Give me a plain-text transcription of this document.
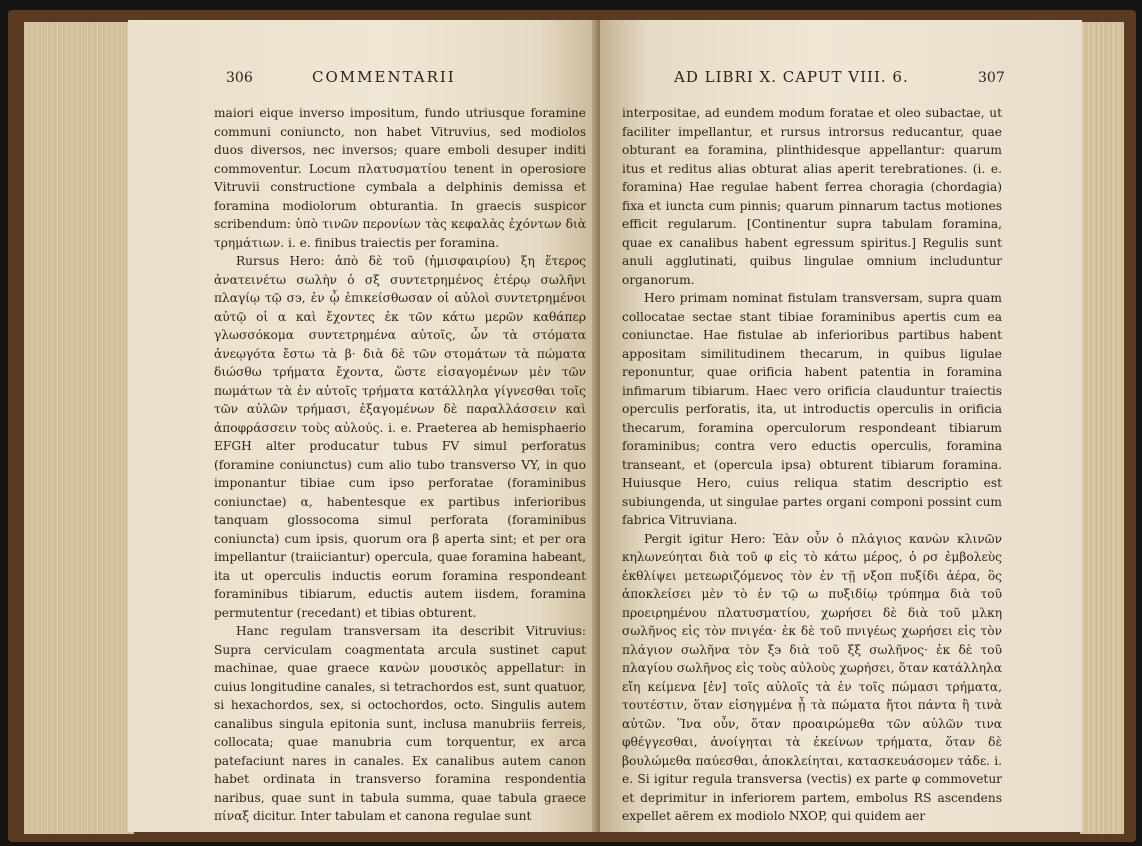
306	COMMENTARII

maiori eique inverso impositum, fundo utriusque foramine communi coniuncto, non habet Vitruvius, sed modiolos duos diversos, nec inversos; quare emboli desuper inditi commoventur. Locum πλατυσματίου tenent in operosiore Vitruvii constructione cymbala a delphinis demissa et foramina modiolorum obturantia. In graecis suspicor scribendum: ὑπὸ τινῶν περονίων τὰς κεφαλὰς ἐχόντων διὰ τρημάτιων. i. e. finibus traiectis per foramina.

Rursus Hero: ἀπὸ δὲ τοῦ (ἡμισφαιρίου) ξη ἕτερος ἀνατεινέτω σωλὴν ὁ σξ συντετρημένος ἑτέρῳ σωλῆνι πλαγίῳ τῷ σ϶, ἐν ᾧ ἐπικείσθωσαν οἱ αὐλοὶ συντετρημένοι αὐτῷ οἱ α καὶ ἔχοντες ἐκ τῶν κάτω μερῶν καθάπερ γλωσσόκομα συντετρημένα αὐτοῖς, ὧν τὰ στόματα ἀνεῳγότα ἔστω τὰ β· διὰ δὲ τῶν στομάτων τὰ πώματα διώσθω τρήματα ἔχοντα, ὥστε εἰσαγομένων μὲν τῶν πωμάτων τὰ ἐν αὐτοῖς τρήματα κατάλληλα γίγνεσθαι τοῖς τῶν αὐλῶν τρήμασι, ἐξαγομένων δὲ παραλλάσσειν καὶ ἀποφράσσειν τοὺς αὐλούς. i. e. Praeterea ab hemisphaerio EFGH alter producatur tubus FV simul perforatus (foramine coniunctus) cum alio tubo transverso VY, in quo imponantur tibiae cum ipso perforatae (foraminibus coniunctae) α, habentesque ex partibus inferioribus tanquam glossocoma simul perforata (foraminibus coniuncta) cum ipsis, quorum ora β aperta sint; et per ora impellantur (traiiciantur) opercula, quae foramina habeant, ita ut operculis inductis eorum foramina respondeant foraminibus tibiarum, eductis autem iisdem, foramina permutentur (recedant) et tibias obturent.

Hanc regulam transversam ita describit Vitruvius: Supra cerviculam coagmentata arcula sustinet caput machinae, quae graece κανὼν μουσικὸς appellatur: in cuius longitudine canales, si tetrachordos est, sunt quatuor, si hexachordos, sex, si octochordos, octo. Singulis autem canalibus singula epitonia sunt, inclusa manubriis ferreis, collocata; quae manubria cum torquentur, ex arca patefaciunt nares in canales. Ex canalibus autem canon habet ordinata in transverso foramina respondentia naribus, quae sunt in tabula summa, quae tabula graece πίναξ dicitur. Inter tabulam et canona regulae sunt

AD LIBRI X. CAPUT VIII. 6.	307

interpositae, ad eundem modum foratae et oleo subactae, ut faciliter impellantur, et rursus introrsus reducantur, quae obturant ea foramina, plinthidesque appellantur: quarum itus et reditus alias obturat alias aperit terebrationes. (i. e. foramina) Hae regulae habent ferrea choragia (chordagia) fixa et iuncta cum pinnis; quarum pinnarum tactus motiones efficit regularum. [Continentur supra tabulam foramina, quae ex canalibus habent egressum spiritus.] Regulis sunt anuli agglutinati, quibus lingulae omnium includuntur organorum.

Hero primam nominat fistulam transversam, supra quam collocatae sectae stant tibiae foraminibus apertis cum ea coniunctae. Hae fistulae ab inferioribus partibus habent appositam similitudinem thecarum, in quibus ligulae reponuntur, quae orificia habent patentia in foramina infimarum tibiarum. Haec vero orificia clauduntur traiectis operculis perforatis, ita, ut introductis operculis in orificia thecarum, foramina operculorum respondeant tibiarum foraminibus; contra vero eductis operculis, foramina transeant, et (opercula ipsa) obturent tibiarum foramina. Huiusque Hero, cuius reliqua statim descriptio est subiungenda, ut singulae partes organi componi possint cum fabrica Vitruviana.

Pergit igitur Hero: Ἐὰν οὖν ὁ πλάγιος κανὼν κλινῶν κηλωνεύηται διὰ τοῦ φ εἰς τὸ κάτω μέρος, ὁ ρσ ἐμβολεὺς ἐκθλίψει μετεωριζόμενος τὸν ἐν τῇ νξοπ πυξίδι ἀέρα, ὃς ἀποκλείσει μὲν τὸ ἐν τῷ ω πυξιδίῳ τρύπημα διὰ τοῦ προειρημένου πλατυσματίου, χωρήσει δὲ διὰ τοῦ μλκη σωλῆνος εἰς τὸν πνιγέα· ἐκ δὲ τοῦ πνιγέως χωρήσει εἰς τὸν πλάγιον σωλῆνα τὸν ξ϶ διὰ τοῦ ξξ σωλῆνος· ἐκ δὲ τοῦ πλαγίου σωλῆνος εἰς τοὺς αὐλοὺς χωρήσει, ὅταν κατάλληλα εἴη κείμενα [ἐν] τοῖς αὐλοῖς τὰ ἐν τοῖς πώμασι τρήματα, τουτέστιν, ὅταν εἰσηγμένα ᾖ τὰ πώματα ἤτοι πάντα ἢ τινὰ αὐτῶν. Ἵνα οὖν, ὅταν προαιρώμεθα τῶν αὐλῶν τινα φθέγγεσθαι, ἀνοίγηται τὰ ἐκείνων τρήματα, ὅταν δὲ βουλώμεθα παύεσθαι, ἀποκλείηται, κατασκευάσομεν τάδε. i. e. Si igitur regula transversa (vectis) ex parte φ commovetur et deprimitur in inferiorem partem, embolus RS ascendens expellet aërem ex modiolo NXOP, qui quidem aer
